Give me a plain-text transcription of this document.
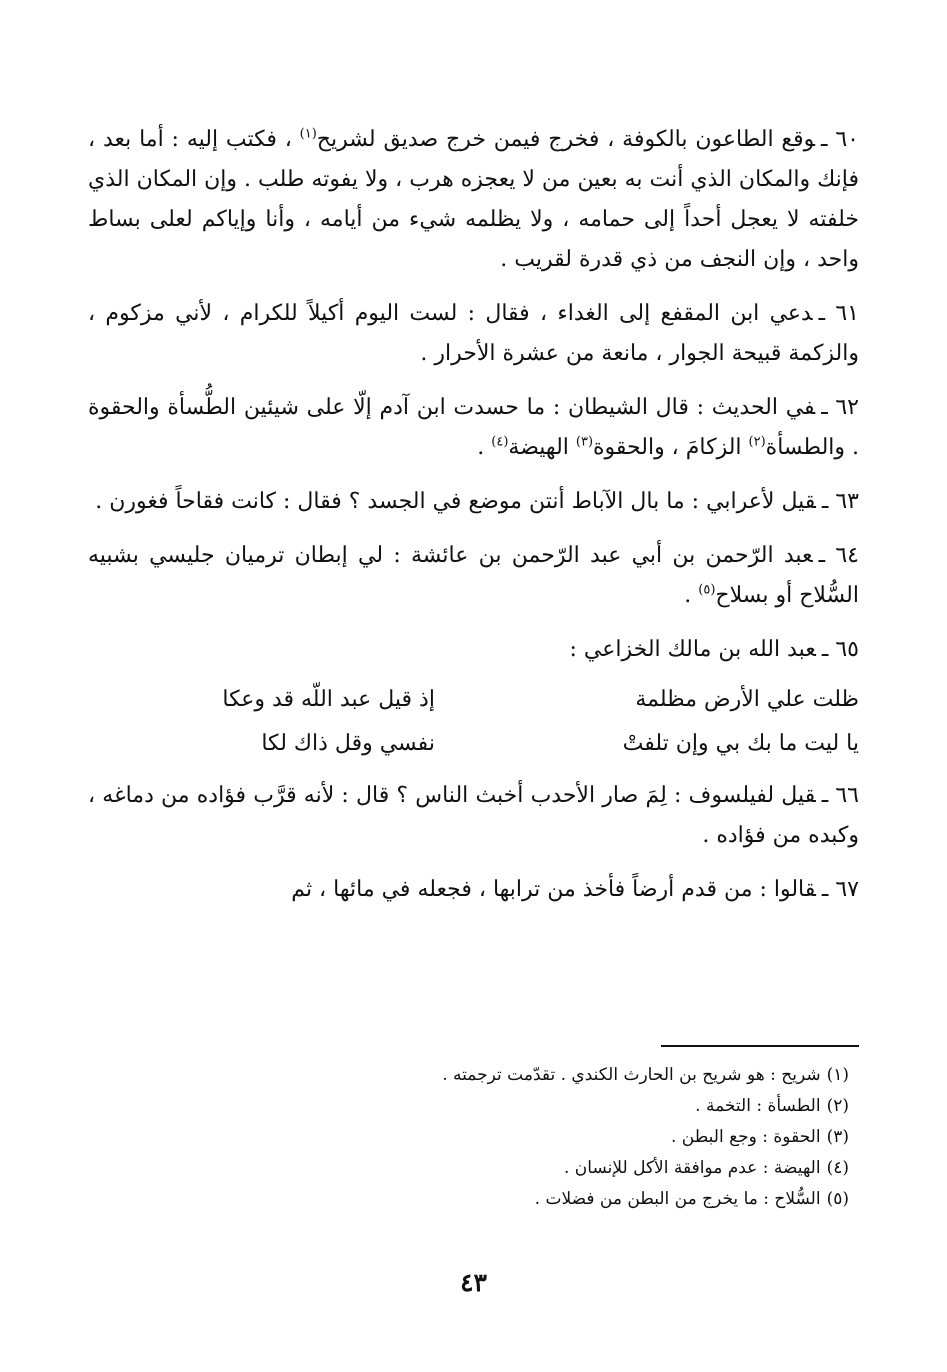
٦٠ ـوقع الطاعون بالكوفة ، فخرج فيمن خرج صديق لشريح$^{(١)}$ ، فكتب إليه : أما بعد ، فإنك والمكان الذي أنت به بعين من لا يعجزه هرب ، ولا يفوته طلب . وإن المكان الذي خلفته لا يعجل أحداً إلى حمامه ، ولا يظلمه شيء من أيامه ، وأنا وإياكم لعلى بساط واحد ، وإن النجف من ذي قدرة لقريب .

٦١ ـدعي ابن المقفع إلى الغداء ، فقال : لست اليوم أكيلاً للكرام ، لأني مزكوم ، والزكمة قبيحة الجوار ، مانعة من عشرة الأحرار .

٦٢ ـفي الحديث : قال الشيطان : ما حسدت ابن آدم إلّا على شيئين الطُّسأة والحقوة . والطسأة$^{(٢)}$ الزكامَ ، والحقوة$^{(٣)}$ الهيضة$^{(٤)}$ .

٦٣ ـقيل لأعرابي : ما بال الآباط أنتن موضع في الجسد ؟ فقال : كانت فقاحاً فغورن .

٦٤ ـعبد الرّحمن بن أبي عبد الرّحمن بن عائشة : لي إبطان ترميان جليسي بشبيه السُّلاح أو بسلاح$^{(٥)}$ .

٦٥ ـعبد الله بن مالك الخزاعي :

ظلت علي الأرض مظلمة
إذ قيل عبد اللّه قد وعكا
يا ليت ما بك بي وإن تلفتْ
نفسي وقل ذاك لكا

٦٦ ـقيل لفيلسوف : لِمَ صار الأحدب أخبث الناس ؟ قال : لأنه قرَّب فؤاده من دماغه ، وكبده من فؤاده .

٦٧ ـقالوا : من قدم أرضاً فأخذ من ترابها ، فجعله في مائها ، ثم

(١)شريح : هو شريح بن الحارث الكندي . تقدّمت ترجمته .

(٢)الطسأة : التخمة .

(٣)الحقوة : وجع البطن .

(٤)الهيضة : عدم موافقة الأكل للإنسان .

(٥)السُّلاح : ما يخرج من البطن من فضلات .

٤٣
